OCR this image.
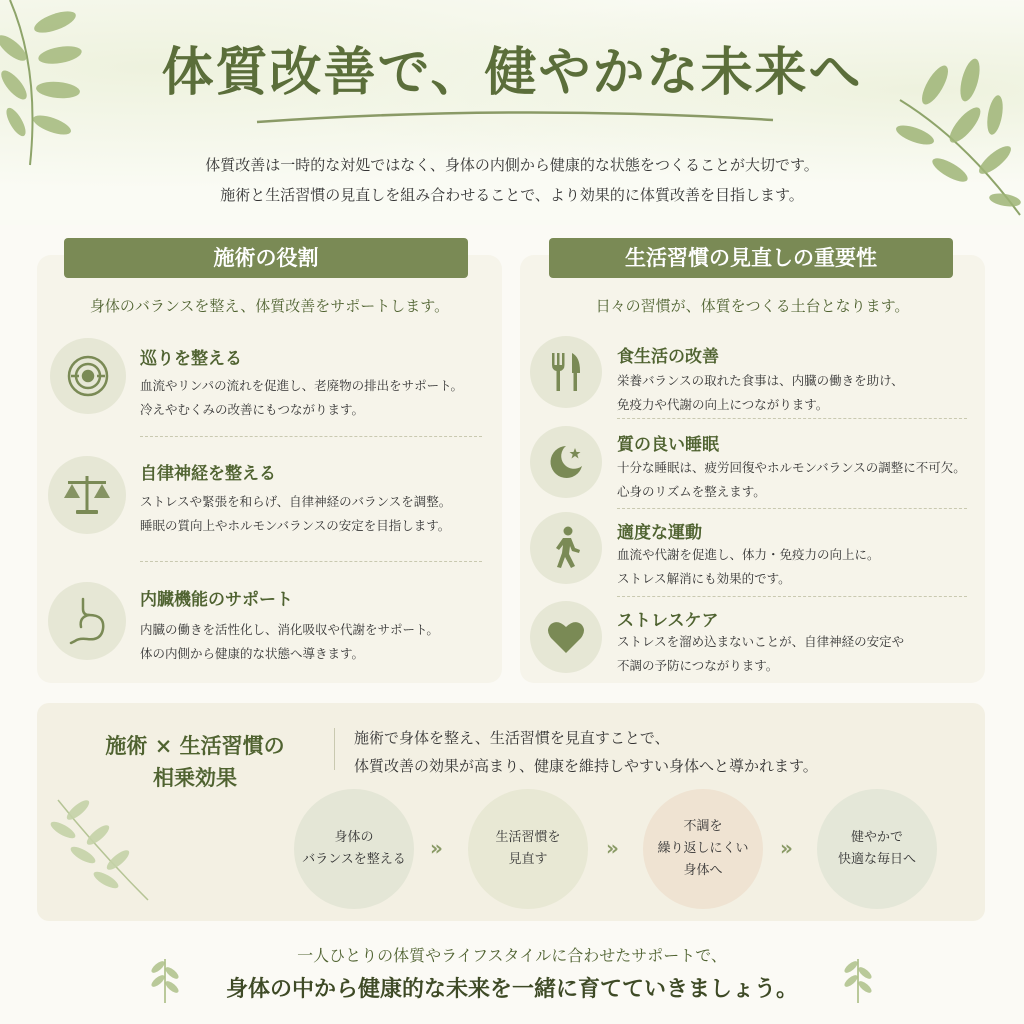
体質改善で、健やかな未来へ
体質改善は一時的な対処ではなく、身体の内側から健康的な状態をつくることが大切です。
施術と生活習慣の見直しを組み合わせることで、より効果的に体質改善を目指します。
施術の役割
身体のバランスを整え、体質改善をサポートします。
巡りを整える
血流やリンパの流れを促進し、老廃物の排出をサポート。
冷えやむくみの改善にもつながります。
自律神経を整える
ストレスや緊張を和らげ、自律神経のバランスを調整。
睡眠の質向上やホルモンバランスの安定を目指します。
内臓機能のサポート
内臓の働きを活性化し、消化吸収や代謝をサポート。
体の内側から健康的な状態へ導きます。
生活習慣の見直しの重要性
日々の習慣が、体質をつくる土台となります。
食生活の改善
栄養バランスの取れた食事は、内臓の働きを助け、
免疫力や代謝の向上につながります。
質の良い睡眠
十分な睡眠は、疲労回復やホルモンバランスの調整に不可欠。
心身のリズムを整えます。
適度な運動
血流や代謝を促進し、体力・免疫力の向上に。
ストレス解消にも効果的です。
ストレスケア
ストレスを溜め込まないことが、自律神経の安定や
不調の予防につながります。
施術 × 生活習慣の
相乗効果
施術で身体を整え、生活習慣を見直すことで、
体質改善の効果が高まり、健康を維持しやすい身体へと導かれます。
身体の
バランスを整える »	生活習慣を
見直す	»
不調を
繰り返しにくい
身体へ
»	健やかで
快適な毎日へ
一人ひとりの体質やライフスタイルに合わせたサポートで、
身体の中から健康的な未来を一緒に育てていきましょう。
